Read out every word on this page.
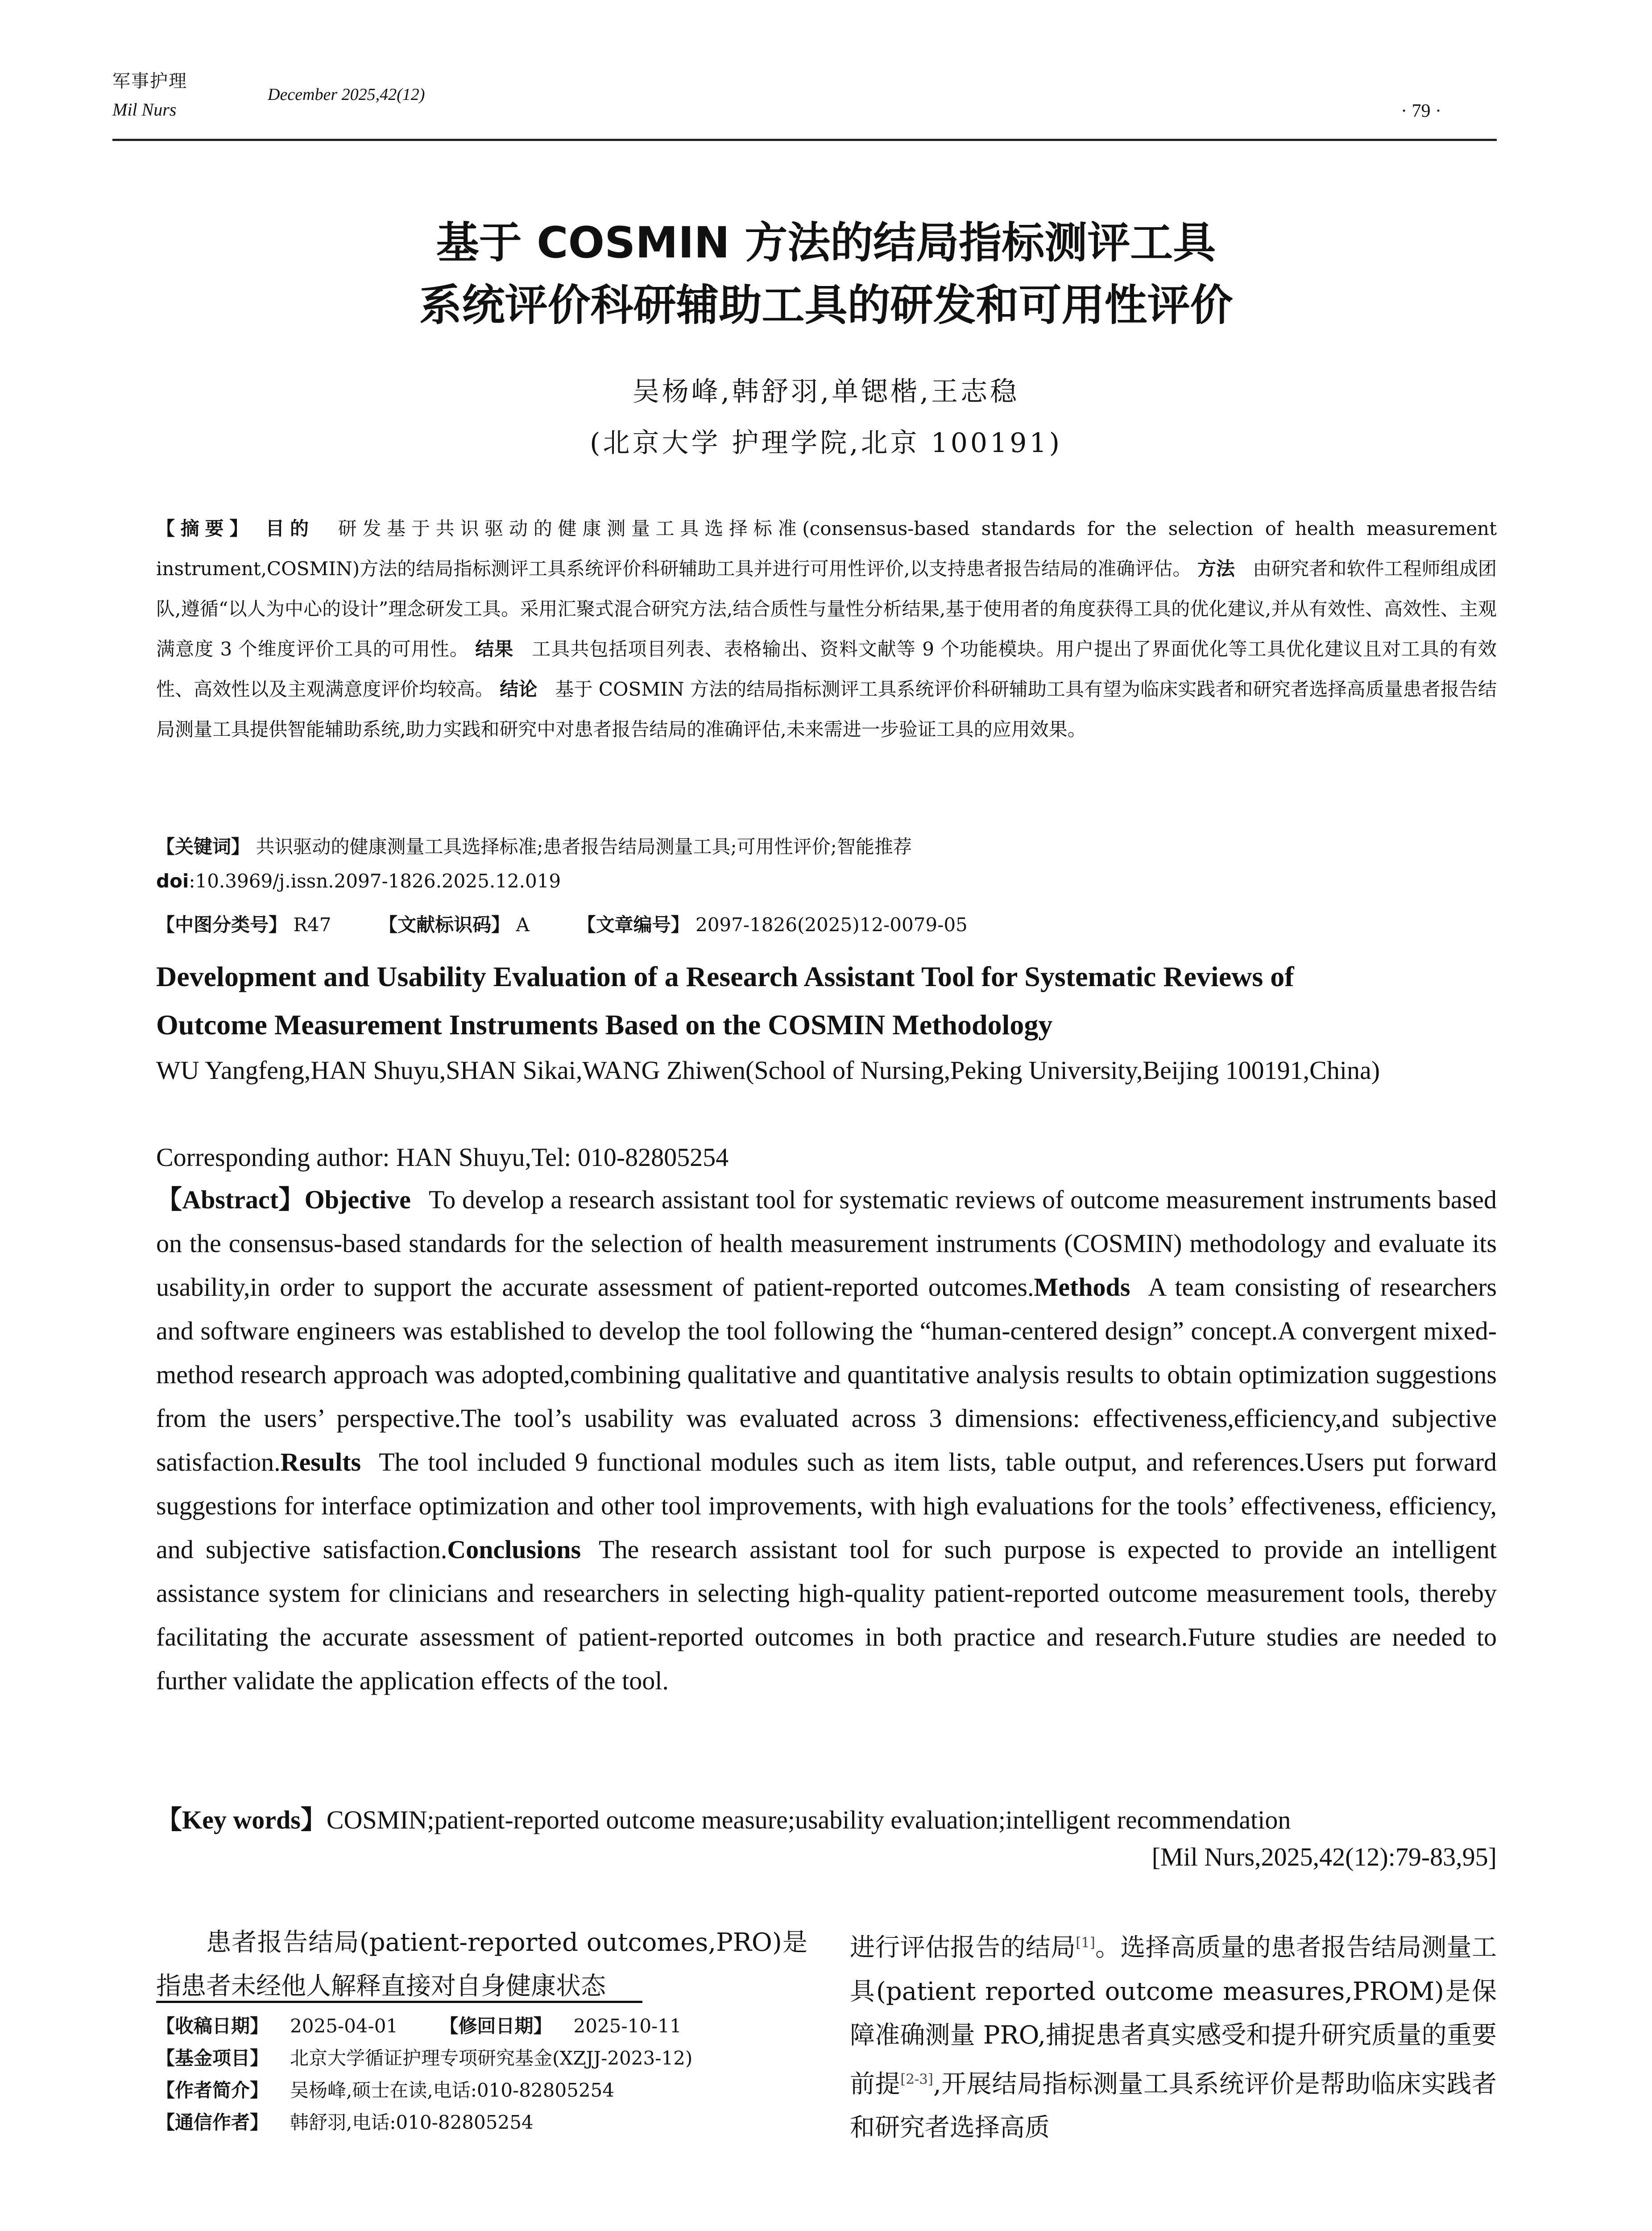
军事护理
Mil Nurs
December 2025,42(12)
· 79 ·
基于 COSMIN 方法的结局指标测评工具
系统评价科研辅助工具的研发和可用性评价
吴杨峰,韩舒羽,单锶楷,王志稳
(北京大学 护理学院,北京 100191)
【摘要】 目的 研发基于共识驱动的健康测量工具选择标准(consensus-based standards for the selection of health measurement instrument,COSMIN)方法的结局指标测评工具系统评价科研辅助工具并进行可用性评价,以支持患者报告结局的准确评估。 方法 由研究者和软件工程师组成团队,遵循“以人为中心的设计”理念研发工具。采用汇聚式混合研究方法,结合质性与量性分析结果,基于使用者的角度获得工具的优化建议,并从有效性、高效性、主观满意度 3 个维度评价工具的可用性。 结果 工具共包括项目列表、表格输出、资料文献等 9 个功能模块。用户提出了界面优化等工具优化建议且对工具的有效性、高效性以及主观满意度评价均较高。 结论 基于 COSMIN 方法的结局指标测评工具系统评价科研辅助工具有望为临床实践者和研究者选择高质量患者报告结局测量工具提供智能辅助系统,助力实践和研究中对患者报告结局的准确评估,未来需进一步验证工具的应用效果。
【关键词】 共识驱动的健康测量工具选择标准;患者报告结局测量工具;可用性评价;智能推荐
doi:10.3969/j.issn.2097-1826.2025.12.019
【中图分类号】 R47	【文献标识码】 A	【文章编号】 2097-1826(2025)12-0079-05
Development and Usability Evaluation of a Research Assistant Tool for Systematic Reviews of
Outcome Measurement Instruments Based on the COSMIN Methodology
WU Yangfeng,HAN Shuyu,SHAN Sikai,WANG Zhiwen(School of Nursing,Peking University,Beijing 100191,China)
Corresponding author: HAN Shuyu,Tel: 010-82805254
【Abstract】Objective To develop a research assistant tool for systematic reviews of outcome measurement instruments based on the consensus-based standards for the selection of health measurement instruments (COSMIN) methodology and evaluate its usability,in order to support the accurate assessment of patient-reported outcomes.Methods A team consisting of researchers and software engineers was established to develop the tool following the “human-centered design” concept.A convergent mixed-method research approach was adopted,combining qualitative and quantitative analysis results to obtain optimization suggestions from the users’ perspective.The tool’s usability was evaluated across 3 dimensions: effectiveness,efficiency,and subjective satisfaction.Results The tool included 9 functional modules such as item lists, table output, and references.Users put forward suggestions for interface optimization and other tool improvements, with high evaluations for the tools’ effectiveness, efficiency, and subjective satisfaction.Conclusions The research assistant tool for such purpose is expected to provide an intelligent assistance system for clinicians and researchers in selecting high-quality patient-reported outcome measurement tools, thereby facilitating the accurate assessment of patient-reported outcomes in both practice and research.Future studies are needed to further validate the application effects of the tool.
【Key words】COSMIN;patient-reported outcome measure;usability evaluation;intelligent recommendation
[Mil Nurs,2025,42(12):79-83,95]
患者报告结局(patient-reported outcomes,PRO)是指患者未经他人解释直接对自身健康状态
进行评估报告的结局[1]。选择高质量的患者报告结局测量工具(patient reported outcome measures,PROM)是保障准确测量 PRO,捕捉患者真实感受和提升研究质量的重要前提[2-3],开展结局指标测量工具系统评价是帮助临床实践者和研究者选择高质
【收稿日期】 2025-04-01 【修回日期】 2025-10-11
【基金项目】 北京大学循证护理专项研究基金(XZJJ-2023-12)
【作者简介】 吴杨峰,硕士在读,电话:010-82805254
【通信作者】 韩舒羽,电话:010-82805254
